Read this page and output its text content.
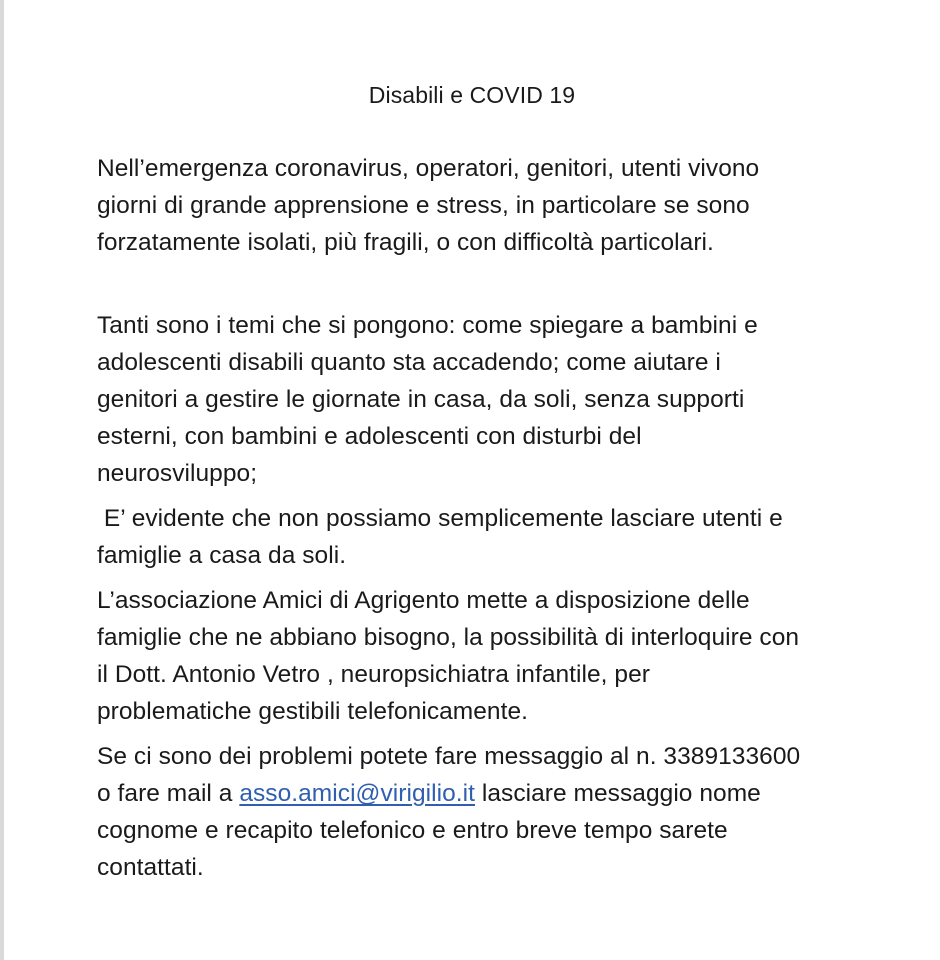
Disabili e COVID 19

Nell’emergenza coronavirus, operatori, genitori, utenti vivono
giorni di grande apprensione e stress, in particolare se sono
forzatamente isolati, più fragili, o con difficoltà particolari.

Tanti sono i temi che si pongono: come spiegare a bambini e
adolescenti disabili quanto sta accadendo; come aiutare i
genitori a gestire le giornate in casa, da soli, senza supporti
esterni, con bambini e adolescenti con disturbi del
neurosviluppo;

E’ evidente che non possiamo semplicemente lasciare utenti e
famiglie a casa da soli.

L’associazione Amici di Agrigento mette a disposizione delle
famiglie che ne abbiano bisogno, la possibilità di interloquire con
il Dott. Antonio Vetro , neuropsichiatra infantile, per
problematiche gestibili telefonicamente.

Se ci sono dei problemi potete fare messaggio al n. 3389133600
o fare mail a asso.amici@virigilio.it lasciare messaggio nome
cognome e recapito telefonico e entro breve tempo sarete
contattati.
